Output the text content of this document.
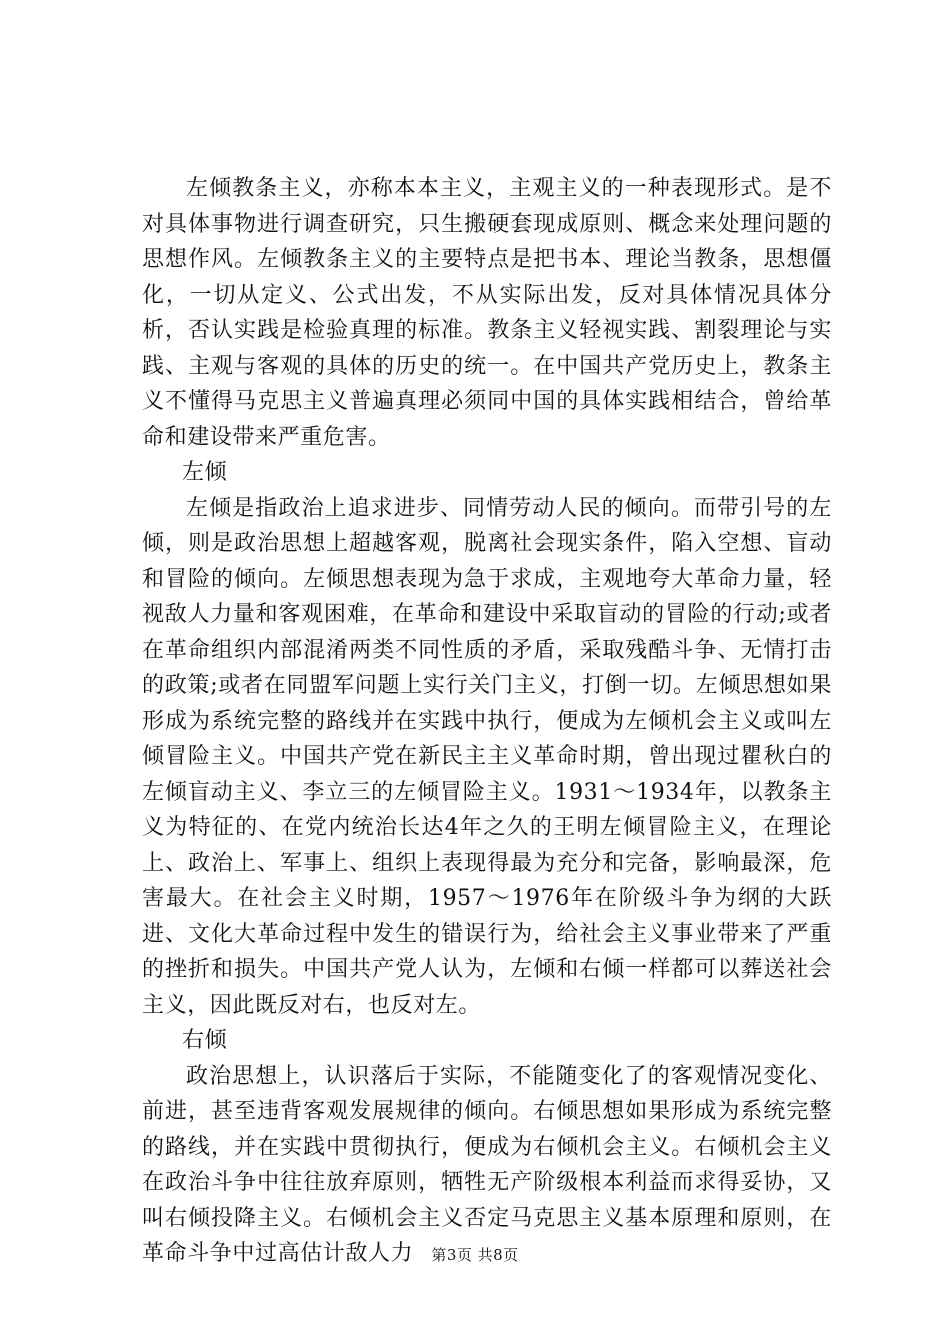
左倾教条主义，亦称本本主义，主观主义的一种表现形式。是不对具体事物进行调查研究，只生搬硬套现成原则、概念来处理问题的思想作风。左倾教条主义的主要特点是把书本、理论当教条，思想僵化，一切从定义、公式出发，不从实际出发，反对具体情况具体分析，否认实践是检验真理的标准。教条主义轻视实践、割裂理论与实践、主观与客观的具体的历史的统一。在中国共产党历史上，教条主义不懂得马克思主义普遍真理必须同中国的具体实践相结合，曾给革命和建设带来严重危害。

左倾

左倾是指政治上追求进步、同情劳动人民的倾向。而带引号的左倾，则是政治思想上超越客观，脱离社会现实条件，陷入空想、盲动和冒险的倾向。左倾思想表现为急于求成，主观地夸大革命力量，轻视敌人力量和客观困难，在革命和建设中采取盲动的冒险的行动;或者在革命组织内部混淆两类不同性质的矛盾，采取残酷斗争、无情打击的政策;或者在同盟军问题上实行关门主义，打倒一切。左倾思想如果形成为系统完整的路线并在实践中执行，便成为左倾机会主义或叫左倾冒险主义。中国共产党在新民主主义革命时期，曾出现过瞿秋白的左倾盲动主义、李立三的左倾冒险主义。1931～1934年，以教条主义为特征的、在党内统治长达4年之久的王明左倾冒险主义，在理论上、政治上、军事上、组织上表现得最为充分和完备，影响最深，危害最大。在社会主义时期，1957～1976年在阶级斗争为纲的大跃进、文化大革命过程中发生的错误行为，给社会主义事业带来了严重的挫折和损失。中国共产党人认为，左倾和右倾一样都可以葬送社会主义，因此既反对右，也反对左。

右倾

政治思想上，认识落后于实际，不能随变化了的客观情况变化、前进，甚至违背客观发展规律的倾向。右倾思想如果形成为系统完整的路线，并在实践中贯彻执行，便成为右倾机会主义。右倾机会主义在政治斗争中往往放弃原则，牺牲无产阶级根本利益而求得妥协，又叫右倾投降主义。右倾机会主义否定马克思主义基本原理和原则，在革命斗争中过高估计敌人力	第3页 共8页
